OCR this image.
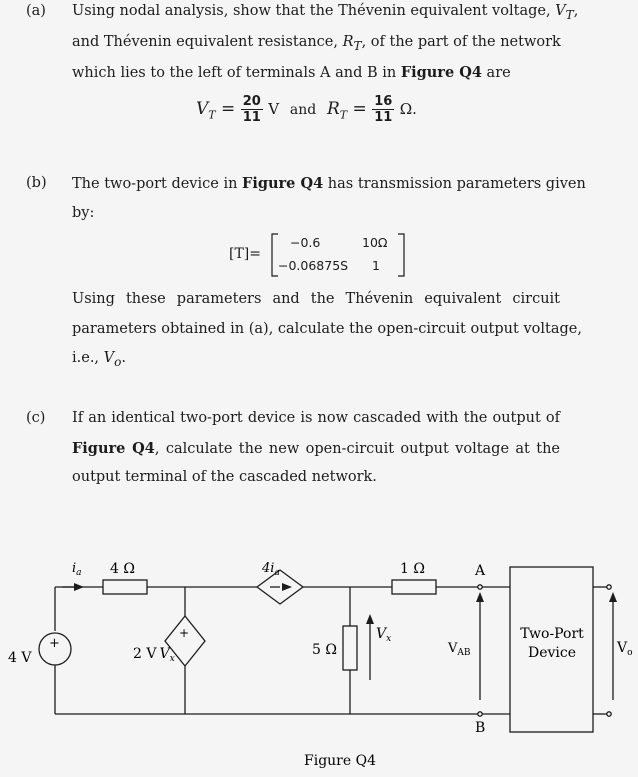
(a) Using nodal analysis, show that the Thévenin equivalent voltage, $V_T$,
and Thévenin equivalent resistance, $R_T$, of the part of the network
which lies to the left of terminals A and B in Figure Q4 are
$V_T = \frac{20}{11}$ V and $R_T = \frac{16}{11} \Omega$.
(b) The two-port device in Figure Q4 has transmission parameters given
by:
[T]=
−0.6	10Ω
−0.06875S 1
Using these parameters and the Thévenin equivalent circuit
parameters obtained in (a), calculate the open-circuit output voltage,
i.e., $V_o$.
(c) If an identical two-port device is now cascaded with the output of
Figure Q4, calculate the new open-circuit output voltage at the
output terminal of the cascaded network.
$i_a$ 4 Ω	$4i_a$	1 Ω	A
B
4 V
+
+
2 V $V_x$
5 Ω
$V_x$
$V_{AB}$
Two-Port
Device	$V_o$
Figure Q4
